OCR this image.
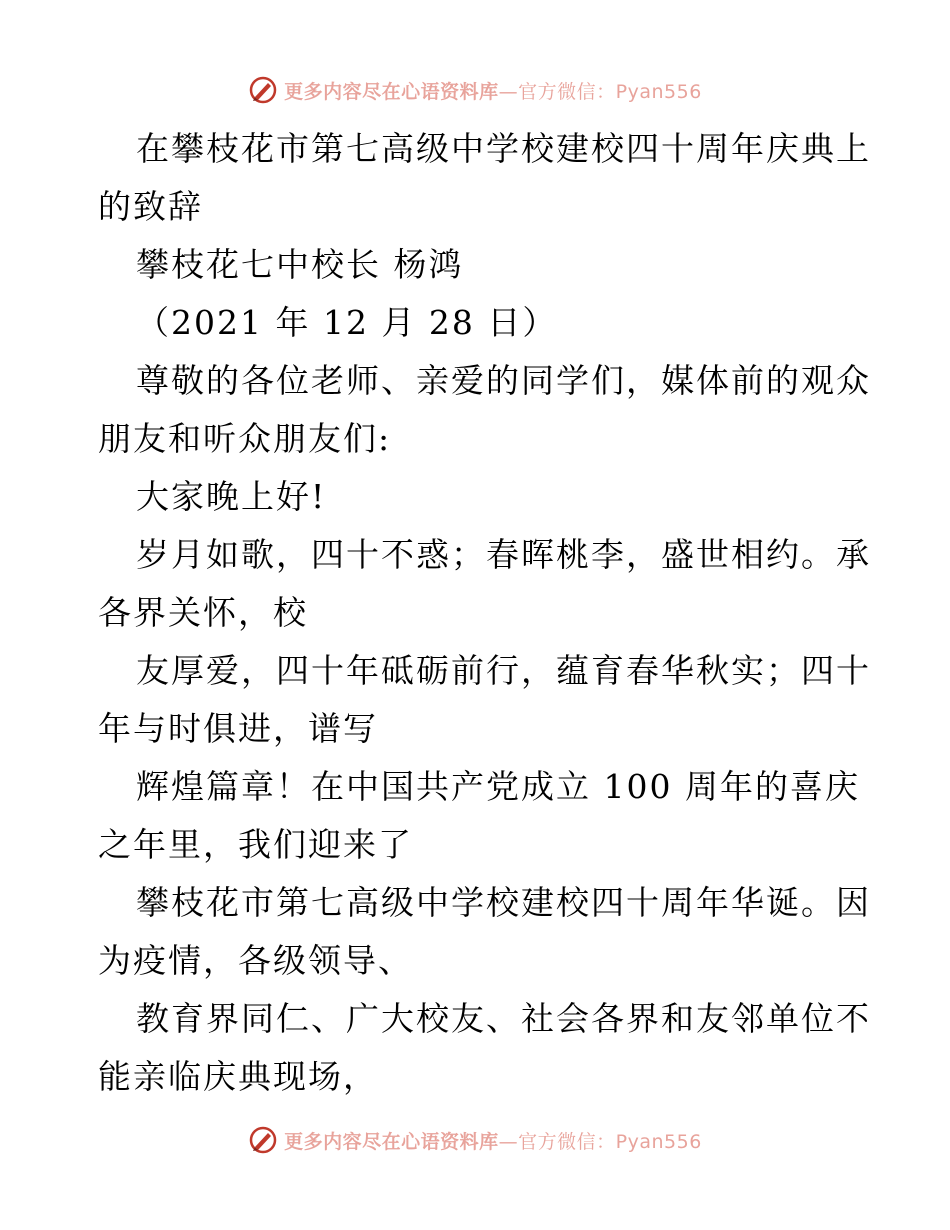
更多内容尽在心语资料库—官方微信：Pyan556
在攀枝花市第七高级中学校建校四十周年庆典上
的致辞
攀枝花七中校长 杨鸿
（2021 年 12 月 28 日）
尊敬的各位老师、亲爱的同学们，媒体前的观众
朋友和听众朋友们:
大家晚上好!
岁月如歌，四十不惑；春晖桃李，盛世相约。承
各界关怀，校
友厚爱，四十年砥砺前行，蕴育春华秋实；四十
年与时俱进，谱写
辉煌篇章！在中国共产党成立 100 周年的喜庆
之年里，我们迎来了
攀枝花市第七高级中学校建校四十周年华诞。因
为疫情，各级领导、
教育界同仁、广大校友、社会各界和友邻单位不
能亲临庆典现场，
更多内容尽在心语资料库—官方微信：Pyan556
